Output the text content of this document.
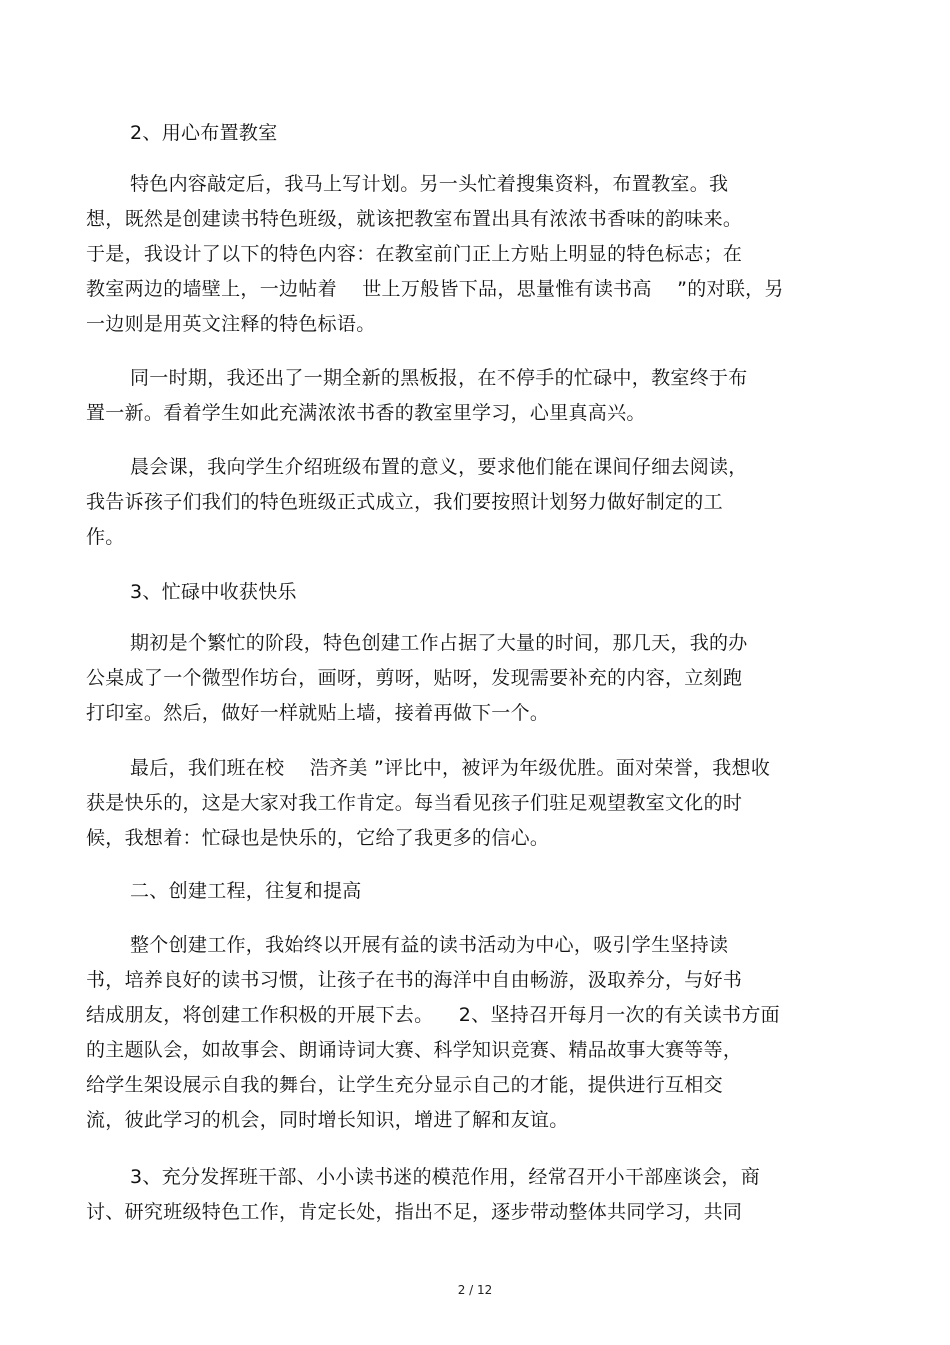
2、用心布置教室
特色内容敲定后，我马上写计划。另一头忙着搜集资料，布置教室。我
想，既然是创建读书特色班级，就该把教室布置出具有浓浓书香味的韵味来。
于是，我设计了以下的特色内容：在教室前门正上方贴上明显的特色标志；在
教室两边的墙壁上，一边帖着    世上万般皆下品，思量惟有读书高    ”的对联，另
一边则是用英文注释的特色标语。
同一时期，我还出了一期全新的黑板报，在不停手的忙碌中，教室终于布
置一新。看着学生如此充满浓浓书香的教室里学习，心里真高兴。
晨会课，我向学生介绍班级布置的意义，要求他们能在课间仔细去阅读，
我告诉孩子们我们的特色班级正式成立，我们要按照计划努力做好制定的工
作。
3、忙碌中收获快乐
期初是个繁忙的阶段，特色创建工作占据了大量的时间，那几天，我的办
公桌成了一个微型作坊台，画呀，剪呀，贴呀，发现需要补充的内容，立刻跑
打印室。然后，做好一样就贴上墙，接着再做下一个。
最后，我们班在校    浩齐美 ”评比中，被评为年级优胜。面对荣誉，我想收
获是快乐的，这是大家对我工作肯定。每当看见孩子们驻足观望教室文化的时
候，我想着：忙碌也是快乐的，它给了我更多的信心。
二、创建工程，往复和提高
整个创建工作，我始终以开展有益的读书活动为中心，吸引学生坚持读
书，培养良好的读书习惯，让孩子在书的海洋中自由畅游，汲取养分，与好书
结成朋友，将创建工作积极的开展下去。    2、坚持召开每月一次的有关读书方面
的主题队会，如故事会、朗诵诗词大赛、科学知识竞赛、精品故事大赛等等，
给学生架设展示自我的舞台，让学生充分显示自己的才能，提供进行互相交
流，彼此学习的机会，同时增长知识，增进了解和友谊。
3、充分发挥班干部、小小读书迷的模范作用，经常召开小干部座谈会，商
讨、研究班级特色工作，肯定长处，指出不足，逐步带动整体共同学习，共同
2 / 12
